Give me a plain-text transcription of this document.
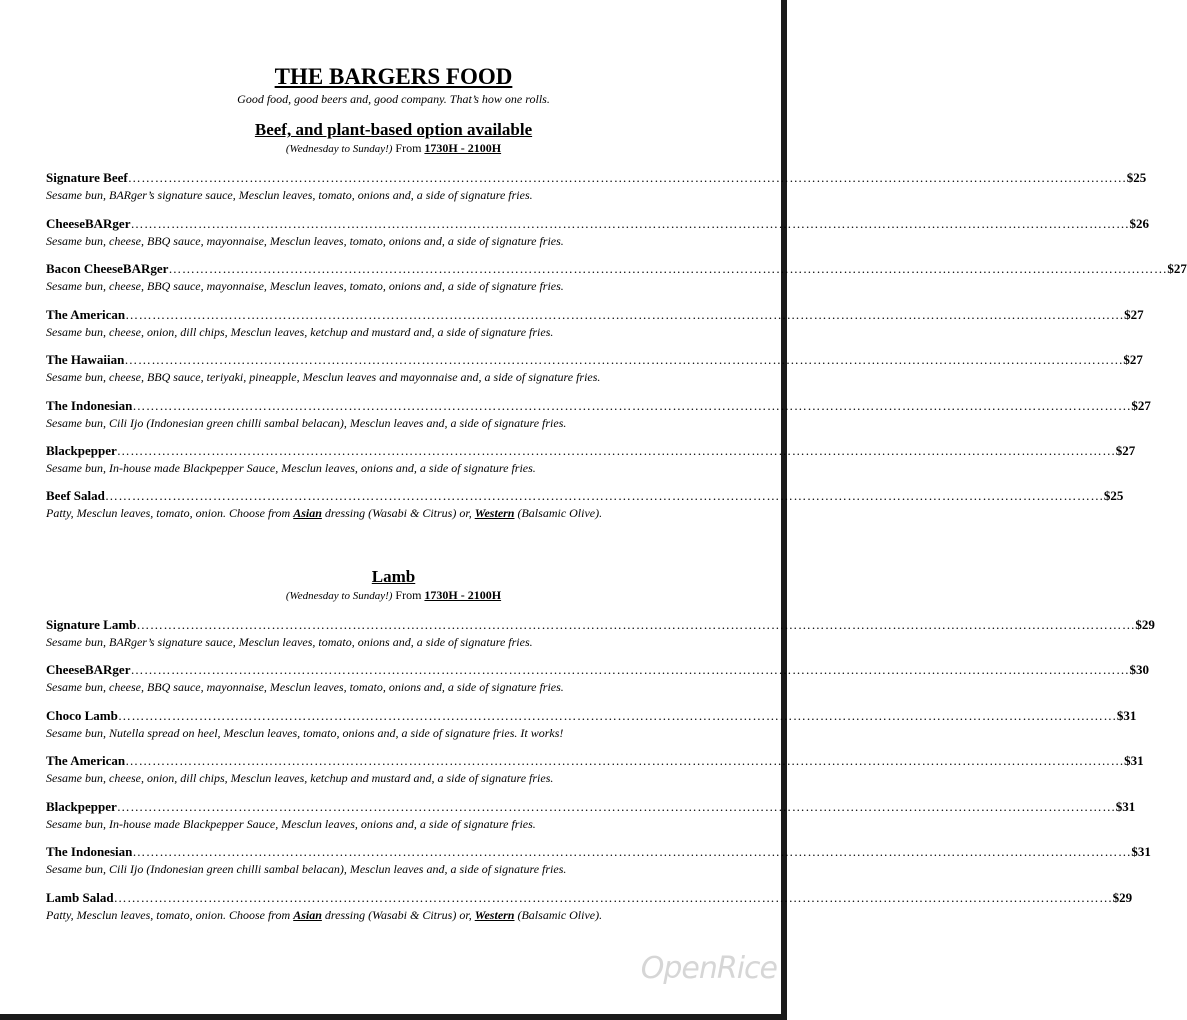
THE BARGERS FOOD
Good food, good beers and, good company. That’s how one rolls.
Beef, and plant-based option available
(Wednesday to Sunday!) From 1730H - 2100H
Signature Beef …………………………………………………………………………………………………………………………………………………………………………………………………… $25
Sesame bun, BARger’s signature sauce, Mesclun leaves, tomato, onions and, a side of signature fries.
CheeseBARger …………………………………………………………………………………………………………………………………………………………………………………………………… $26
Sesame bun, cheese, BBQ sauce, mayonnaise, Mesclun leaves, tomato, onions and, a side of signature fries.
Bacon CheeseBARger …………………………………………………………………………………………………………………………………………………………………………………………………… $27
Sesame bun, cheese, BBQ sauce, mayonnaise, Mesclun leaves, tomato, onions and, a side of signature fries.
The American …………………………………………………………………………………………………………………………………………………………………………………………………… $27
Sesame bun, cheese, onion, dill chips, Mesclun leaves, ketchup and mustard and, a side of signature fries.
The Hawaiian …………………………………………………………………………………………………………………………………………………………………………………………………… $27
Sesame bun, cheese, BBQ sauce, teriyaki, pineapple, Mesclun leaves and mayonnaise and, a side of signature fries.
The Indonesian …………………………………………………………………………………………………………………………………………………………………………………………………… $27
Sesame bun, Cili Ijo (Indonesian green chilli sambal belacan), Mesclun leaves and, a side of signature fries.
Blackpepper …………………………………………………………………………………………………………………………………………………………………………………………………… $27
Sesame bun, In-house made Blackpepper Sauce, Mesclun leaves, onions and, a side of signature fries.
Beef Salad …………………………………………………………………………………………………………………………………………………………………………………………………… $25
Patty, Mesclun leaves, tomato, onion. Choose from Asian dressing (Wasabi & Citrus) or, Western (Balsamic Olive).
Lamb
(Wednesday to Sunday!) From 1730H - 2100H
Signature Lamb …………………………………………………………………………………………………………………………………………………………………………………………………… $29
Sesame bun, BARger’s signature sauce, Mesclun leaves, tomato, onions and, a side of signature fries.
CheeseBARger …………………………………………………………………………………………………………………………………………………………………………………………………… $30
Sesame bun, cheese, BBQ sauce, mayonnaise, Mesclun leaves, tomato, onions and, a side of signature fries.
Choco Lamb …………………………………………………………………………………………………………………………………………………………………………………………………… $31
Sesame bun, Nutella spread on heel, Mesclun leaves, tomato, onions and, a side of signature fries. It works!
The American …………………………………………………………………………………………………………………………………………………………………………………………………… $31
Sesame bun, cheese, onion, dill chips, Mesclun leaves, ketchup and mustard and, a side of signature fries.
Blackpepper …………………………………………………………………………………………………………………………………………………………………………………………………… $31
Sesame bun, In-house made Blackpepper Sauce, Mesclun leaves, onions and, a side of signature fries.
The Indonesian …………………………………………………………………………………………………………………………………………………………………………………………………… $31
Sesame bun, Cili Ijo (Indonesian green chilli sambal belacan), Mesclun leaves and, a side of signature fries.
Lamb Salad …………………………………………………………………………………………………………………………………………………………………………………………………… $29
Patty, Mesclun leaves, tomato, onion. Choose from Asian dressing (Wasabi & Citrus) or, Western (Balsamic Olive).
OpenRice
